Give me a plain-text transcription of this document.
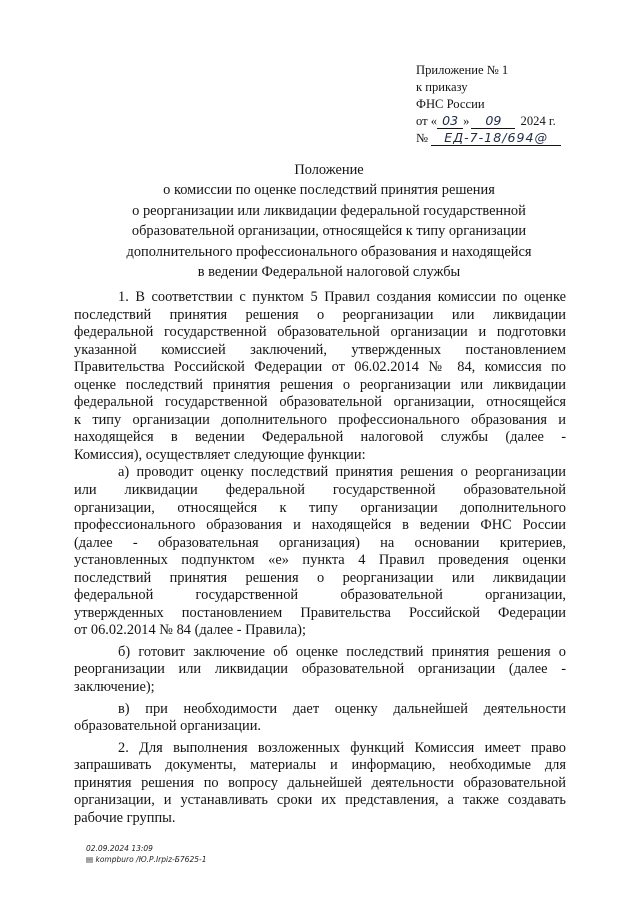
Приложение № 1
к приказу
ФНС России
от « 03 » 09 2024 г.
№ ЕД-7-18/694@
Положение
о комиссии по оценке последствий принятия решения
о реорганизации или ликвидации федеральной государственной
образовательной организации, относящейся к типу организации
дополнительного профессионального образования и находящейся
в ведении Федеральной налоговой службы
1. В соответствии с пунктом 5 Правил создания комиссии по оценке
последствий принятия решения о реорганизации или ликвидации
федеральной государственной образовательной организации и подготовки
указанной комиссией заключений, утвержденных постановлением
Правительства Российской Федерации от 06.02.2014 № 84, комиссия по
оценке последствий принятия решения о реорганизации или ликвидации
федеральной государственной образовательной организации, относящейся
к типу организации дополнительного профессионального образования и
находящейся в ведении Федеральной налоговой службы (далее -
Комиссия), осуществляет следующие функции:
а) проводит оценку последствий принятия решения о реорганизации
или ликвидации федеральной государственной образовательной
организации, относящейся к типу организации дополнительного
профессионального образования и находящейся в ведении ФНС России
(далее - образовательная организация) на основании критериев,
установленных подпунктом «е» пункта 4 Правил проведения оценки
последствий принятия решения о реорганизации или ликвидации
федеральной государственной образовательной организации,
утвержденных постановлением Правительства Российской Федерации
от 06.02.2014 № 84 (далее - Правила);
б) готовит заключение об оценке последствий принятия решения о
реорганизации или ликвидации образовательной организации (далее -
заключение);
в) при необходимости дает оценку дальнейшей деятельности
образовательной организации.
2. Для выполнения возложенных функций Комиссия имеет право
запрашивать документы, материалы и информацию, необходимые для
принятия решения по вопросу дальнейшей деятельности образовательной
организации, и устанавливать сроки их представления, а также создавать
рабочие группы.
02.09.2024 13:09
▤ kompburo /Ю.Р.Irpiz-Б7625-1
